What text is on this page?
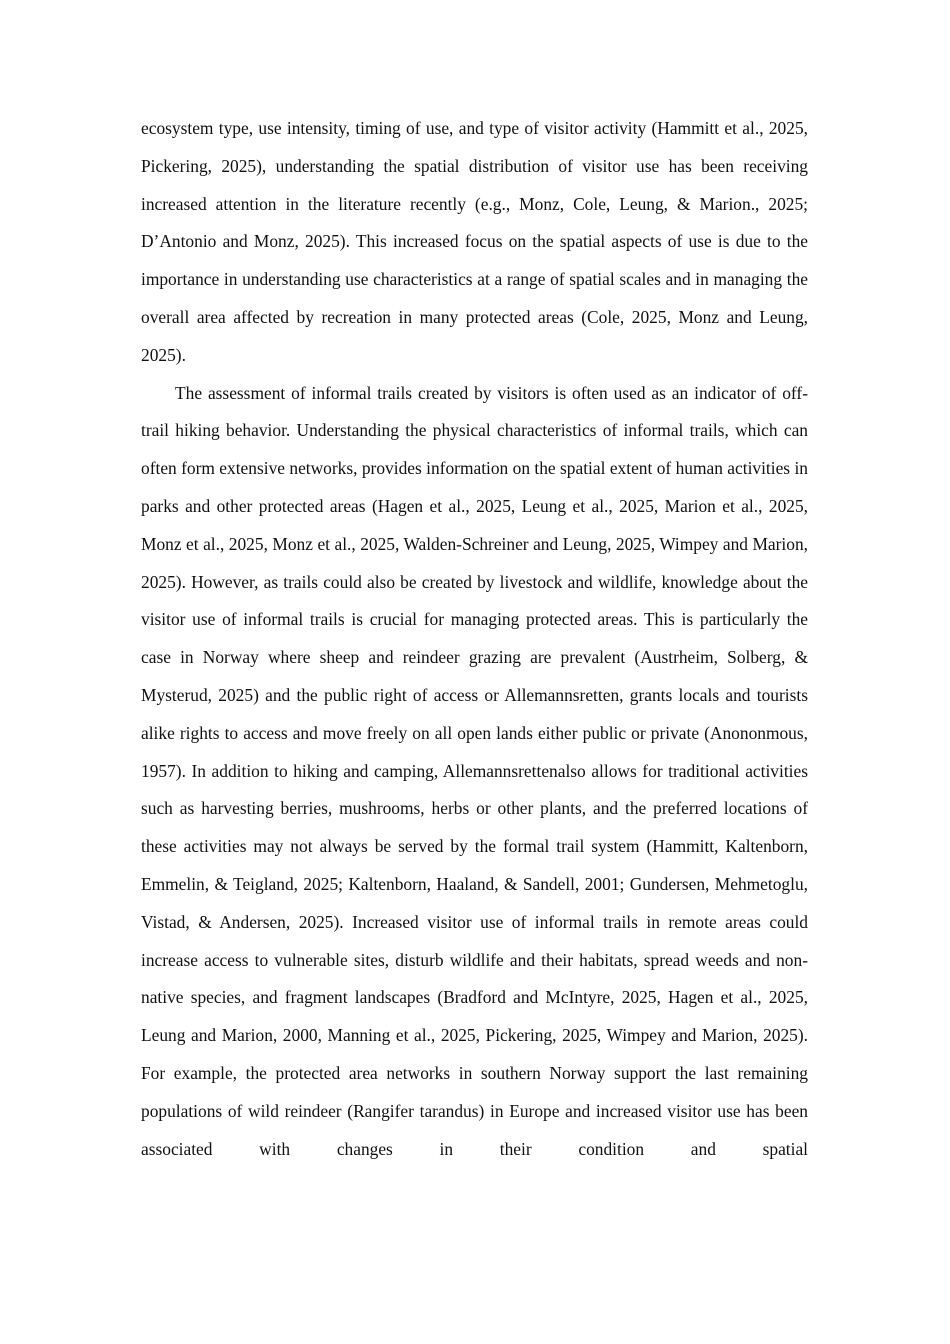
ecosystem type, use intensity, timing of use, and type of visitor activity (Hammitt et al., 2025, Pickering, 2025), understanding the spatial distribution of visitor use has been receiving increased attention in the literature recently (e.g., Monz, Cole, Leung, & Marion., 2025; D’Antonio and Monz, 2025). This increased focus on the spatial aspects of use is due to the importance in understanding use characteristics at a range of spatial scales and in managing the overall area affected by recreation in many protected areas (Cole, 2025, Monz and Leung, 2025).

The assessment of informal trails created by visitors is often used as an indicator of off-trail hiking behavior. Understanding the physical characteristics of informal trails, which can often form extensive networks, provides information on the spatial extent of human activities in parks and other protected areas (Hagen et al., 2025, Leung et al., 2025, Marion et al., 2025, Monz et al., 2025, Monz et al., 2025, Walden-Schreiner and Leung, 2025, Wimpey and Marion, 2025). However, as trails could also be created by livestock and wildlife, knowledge about the visitor use of informal trails is crucial for managing protected areas. This is particularly the case in Norway where sheep and reindeer grazing are prevalent (Austrheim, Solberg, & Mysterud, 2025) and the public right of access or Allemannsretten, grants locals and tourists alike rights to access and move freely on all open lands either public or private (Anononmous, 1957). In addition to hiking and camping, Allemannsrettenalso allows for traditional activities such as harvesting berries, mushrooms, herbs or other plants, and the preferred locations of these activities may not always be served by the formal trail system (Hammitt, Kaltenborn, Emmelin, & Teigland, 2025; Kaltenborn, Haaland, & Sandell, 2001; Gundersen, Mehmetoglu, Vistad, & Andersen, 2025). Increased visitor use of informal trails in remote areas could increase access to vulnerable sites, disturb wildlife and their habitats, spread weeds and non-native species, and fragment landscapes (Bradford and McIntyre, 2025, Hagen et al., 2025, Leung and Marion, 2000, Manning et al., 2025, Pickering, 2025, Wimpey and Marion, 2025). For example, the protected area networks in southern Norway support the last remaining populations of wild reindeer (Rangifer tarandus) in Europe and increased visitor use has been associated with changes in their condition and spatial
